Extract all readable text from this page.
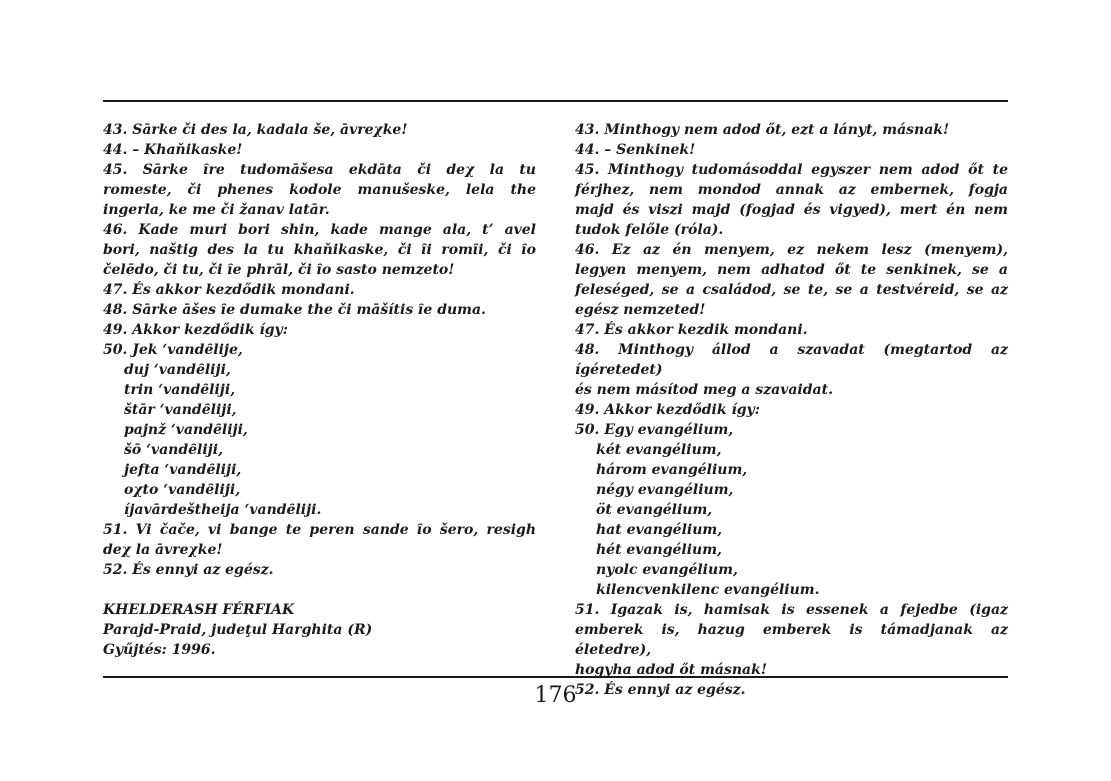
43. Sārke či des la, kadala še, āvreχke!
44. – Khaňikaske!
45. Sārke ȋre tudomāšesa ekdāta či deχ la tu
romeste, či phenes kodole manušeske, lela the
ingerla, ke me či žanav latār.
46. Kade muri bori shin, kade mange ala, t’ avel
bori, naštig des la tu khaňikaske, či ȋi romȋi, či ȋo
čelēdo, či tu, či ȋe phrāl, či ȋo sasto nemzeto!
47. És akkor kezdődik mondani.
48. Sārke āšes ȋe dumake the či māšítis ȋe duma.
49. Akkor kezdődik így:
50. Jek ‘vandȇlije,
duj ‘vandȇliji,
trin ‘vandȇliji,
štār ‘vandȇliji,
pajnž ‘vandȇliji,
šō ‘vandȇliji,
jefta ‘vandȇliji,
oχto ‘vandȇliji,
íjavārdeštheija ‘vandȇliji.
51. Vi čače, vi bange te peren sande ȋo šero, resigh
deχ la āvreχke!
52. És ennyi az egész.
KHELDERASH FÉRFIAK
Parajd-Praid, judeţul Harghita (R)
Gyűjtés: 1996.
43. Minthogy nem adod őt, ezt a lányt, másnak!
44. – Senkinek!
45. Minthogy tudomásoddal egyszer nem adod őt te
férjhez, nem mondod annak az embernek, fogja
majd és viszi majd (fogjad és vigyed), mert én nem
tudok felőle (róla).
46. Ez az én menyem, ez nekem lesz (menyem),
legyen menyem, nem adhatod őt te senkinek, se a
feleséged, se a családod, se te, se a testvéreid, se az
egész nemzeted!
47. És akkor kezdik mondani.
48. Minthogy állod a szavadat (megtartod az ígéretedet)
és nem másítod meg a szavaidat.
49. Akkor kezdődik így:
50. Egy evangélium,
két evangélium,
három evangélium,
négy evangélium,
öt evangélium,
hat evangélium,
hét evangélium,
nyolc evangélium,
kilencvenkilenc evangélium.
51. Igazak is, hamisak is essenek a fejedbe (igaz
emberek is, hazug emberek is támadjanak az életedre),
hogyha adod őt másnak!
52. És ennyi az egész.
176
